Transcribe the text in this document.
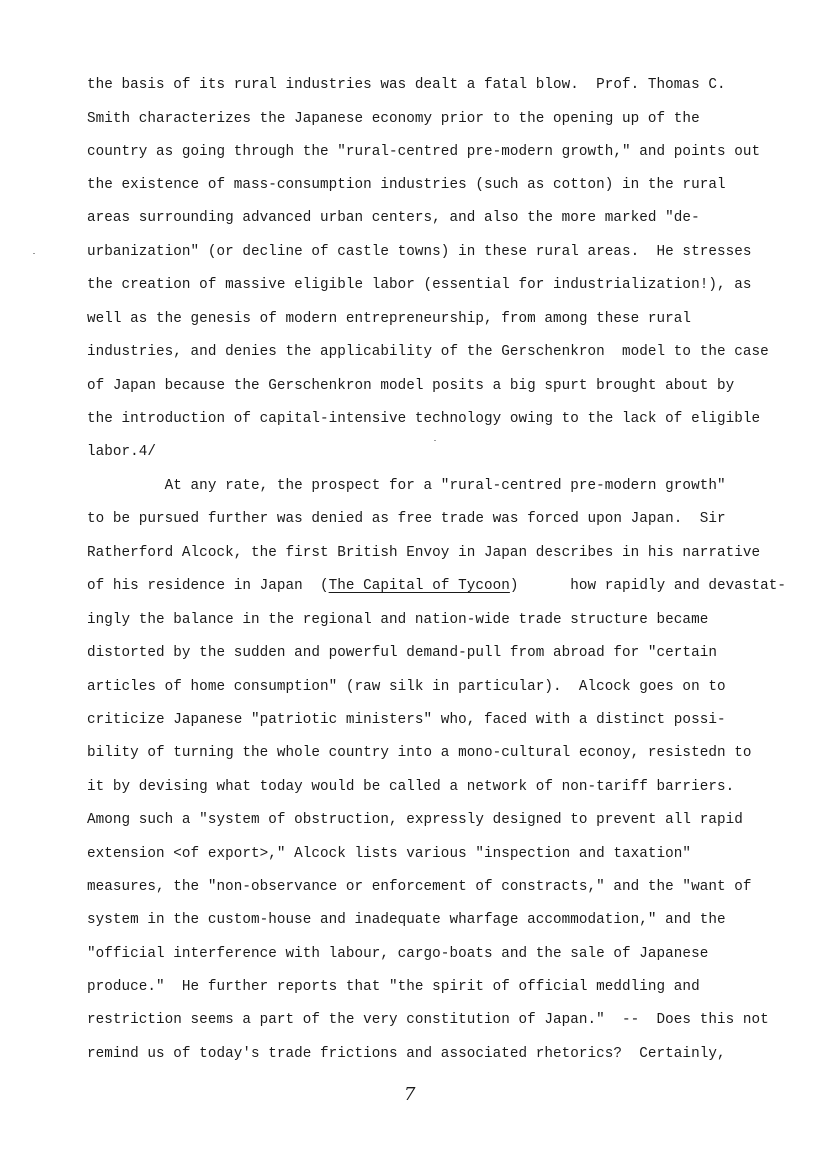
the basis of its rural industries was dealt a fatal blow.  Prof. Thomas C.
Smith characterizes the Japanese economy prior to the opening up of the
country as going through the "rural-centred pre-modern growth," and points out
the existence of mass-consumption industries (such as cotton) in the rural
areas surrounding advanced urban centers, and also the more marked "de-
urbanization" (or decline of castle towns) in these rural areas.  He stresses
the creation of massive eligible labor (essential for industrialization!), as
well as the genesis of modern entrepreneurship, from among these rural
industries, and denies the applicability of the Gerschenkron  model to the case
of Japan because the Gerschenkron model posits a big spurt brought about by
the introduction of capital-intensive technology owing to the lack of eligible
labor.4/
At any rate, the prospect for a "rural-centred pre-modern growth"
to be pursued further was denied as free trade was forced upon Japan.  Sir
Ratherford Alcock, the first British Envoy in Japan describes in his narrative
of his residence in Japan  (The Capital of Tycoon)      how rapidly and devastat-
ingly the balance in the regional and nation-wide trade structure became
distorted by the sudden and powerful demand-pull from abroad for "certain
articles of home consumption" (raw silk in particular).  Alcock goes on to
criticize Japanese "patriotic ministers" who, faced with a distinct possi-
bility of turning the whole country into a mono-cultural econoy, resistedn to
it by devising what today would be called a network of non-tariff barriers.
Among such a "system of obstruction, expressly designed to prevent all rapid
extension <of export>," Alcock lists various "inspection and taxation"
measures, the "non-observance or enforcement of constracts," and the "want of
system in the custom-house and inadequate wharfage accommodation," and the
"official interference with labour, cargo-boats and the sale of Japanese
produce."  He further reports that "the spirit of official meddling and
restriction seems a part of the very constitution of Japan."  --  Does this not
remind us of today's trade frictions and associated rhetorics?  Certainly,
7
